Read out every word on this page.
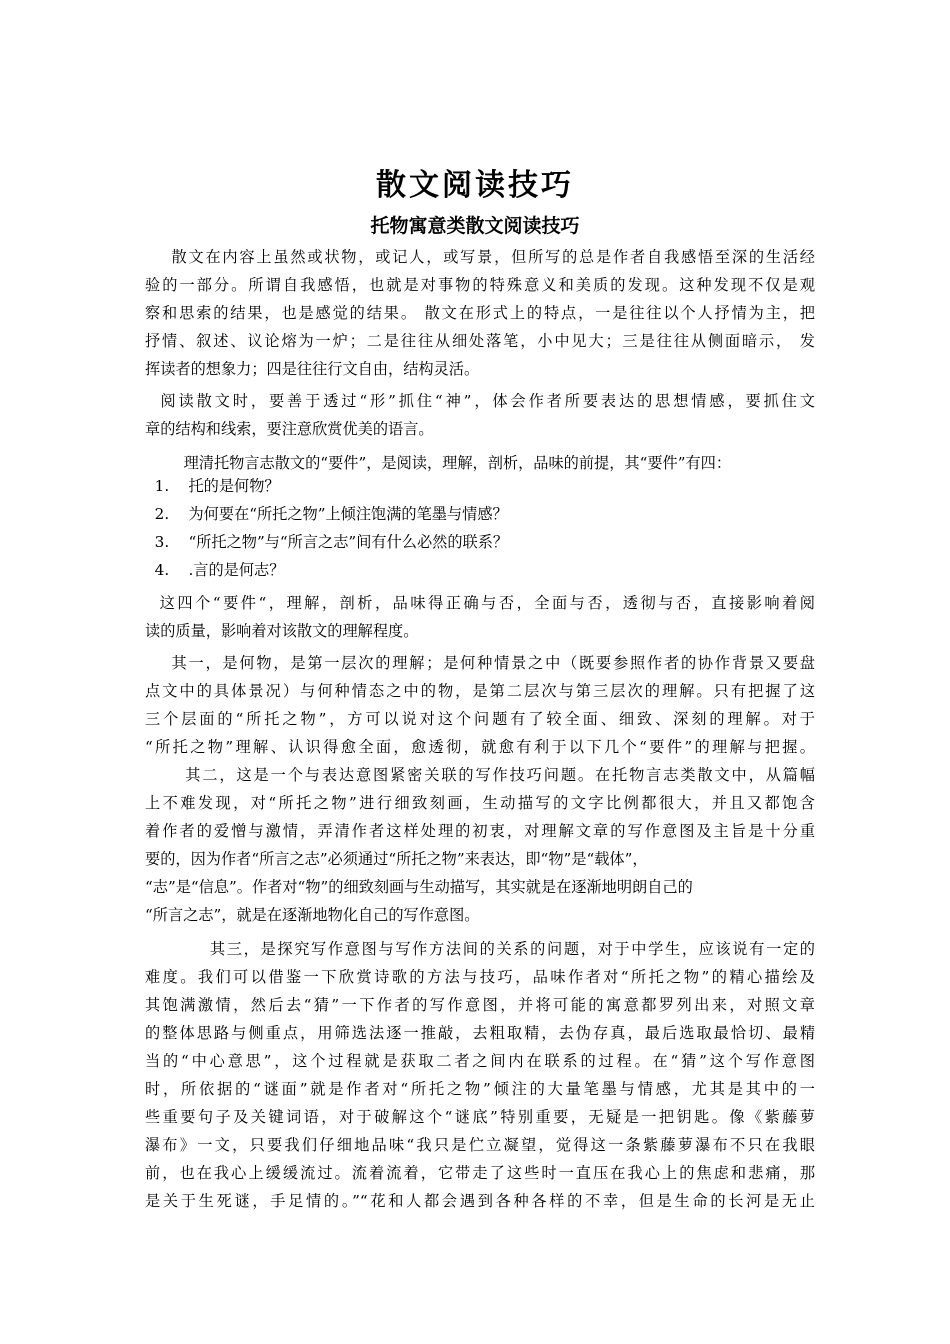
散文阅读技巧
托物寓意类散文阅读技巧
散文在内容上虽然或状物，或记人，或写景，但所写的总是作者自我感悟至深的生活经
验的一部分。所谓自我感悟，也就是对事物的特殊意义和美质的发现。这种发现不仅是观
察和思索的结果，也是感觉的结果。 散文在形式上的特点，一是往往以个人抒情为主，把
抒情、叙述、议论熔为一炉；二是往往从细处落笔，小中见大；三是往往从侧面暗示， 发
挥读者的想象力；四是往往行文自由，结构灵活。
阅读散文时，要善于透过“形”抓住“神”，体会作者所要表达的思想情感，要抓住文
章的结构和线索，要注意欣赏优美的语言。
理清托物言志散文的“要件”，是阅读，理解，剖析，品味的前提，其“要件”有四：
1.    托的是何物？
2.    为何要在“所托之物”上倾注饱满的笔墨与情感？
3.    “所托之物”与“所言之志”间有什么必然的联系？
4.    .言的是何志？
这四个“要件“，理解，剖析，品味得正确与否，全面与否，透彻与否，直接影响着阅
读的质量，影响着对该散文的理解程度。
其一，是何物，是第一层次的理解；是何种情景之中（既要参照作者的协作背景又要盘
点文中的具体景况）与何种情态之中的物，是第二层次与第三层次的理解。只有把握了这
三个层面的“所托之物”，方可以说对这个问题有了较全面、细致、深刻的理解。对于
“所托之物”理解、认识得愈全面，愈透彻，就愈有利于以下几个“要件”的理解与把握。
其二，这是一个与表达意图紧密关联的写作技巧问题。在托物言志类散文中，从篇幅
上不难发现，对“所托之物”进行细致刻画，生动描写的文字比例都很大，并且又都饱含
着作者的爱憎与激情，弄清作者这样处理的初衷，对理解文章的写作意图及主旨是十分重
要的，因为作者“所言之志”必须通过“所托之物”来表达，即“物”是“载体”，
“志”是“信息”。作者对“物”的细致刻画与生动描写，其实就是在逐渐地明朗自己的
“所言之志”，就是在逐渐地物化自己的写作意图。
其三，是探究写作意图与写作方法间的关系的问题，对于中学生，应该说有一定的
难度。我们可以借鉴一下欣赏诗歌的方法与技巧，品味作者对“所托之物”的精心描绘及
其饱满激情，然后去“猜”一下作者的写作意图，并将可能的寓意都罗列出来，对照文章
的整体思路与侧重点，用筛选法逐一推敲，去粗取精，去伪存真，最后选取最恰切、最精
当的“中心意思”，这个过程就是获取二者之间内在联系的过程。在“猜”这个写作意图
时，所依据的“谜面”就是作者对“所托之物”倾注的大量笔墨与情感，尤其是其中的一
些重要句子及关键词语，对于破解这个“谜底”特别重要，无疑是一把钥匙。像《紫藤萝
瀑布》一文，只要我们仔细地品味“我只是伫立凝望，觉得这一条紫藤萝瀑布不只在我眼
前，也在我心上缓缓流过。流着流着，它带走了这些时一直压在我心上的焦虑和悲痛，那
是关于生死谜，手足情的。”“花和人都会遇到各种各样的不幸，但是生命的长河是无止
